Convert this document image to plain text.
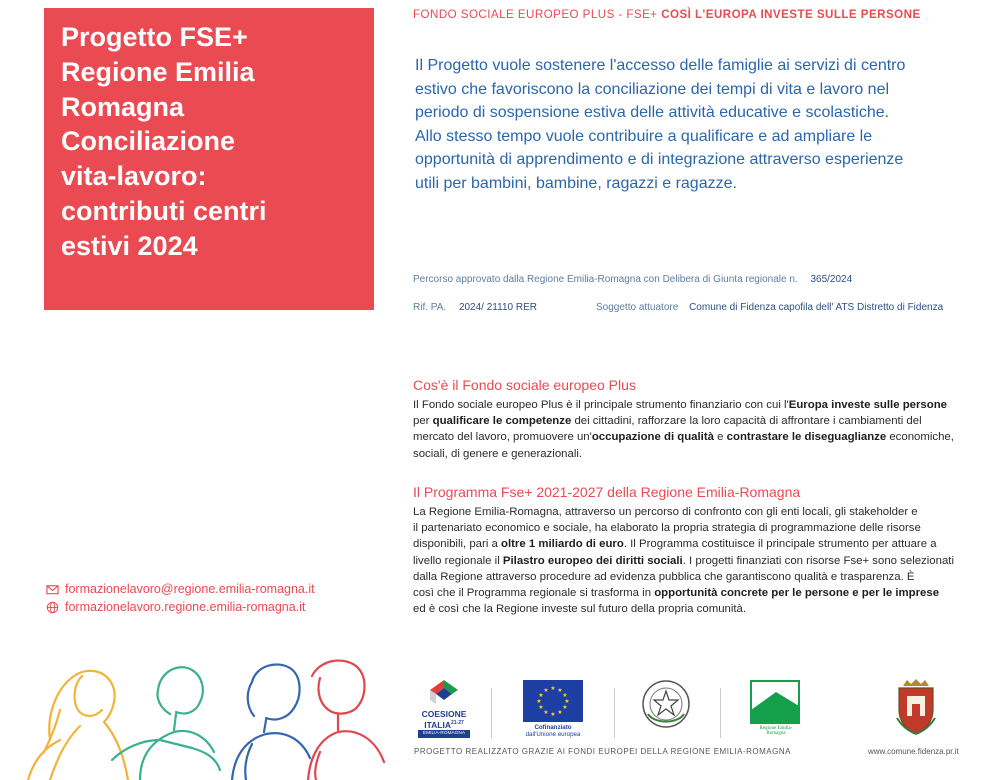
Progetto FSE+
Regione Emilia
Romagna
Conciliazione
vita-lavoro:
contributi centri
estivi 2024
FONDO SOCIALE EUROPEO PLUS - FSE+ COSÌ L'EUROPA INVESTE SULLE PERSONE
Il Progetto vuole sostenere l'accesso delle famiglie ai servizi di centro
estivo che favoriscono la conciliazione dei tempi di vita e lavoro nel
periodo di sospensione estiva delle attività educative e scolastiche.
Allo stesso tempo vuole contribuire a qualificare e ad ampliare le
opportunità di apprendimento e di integrazione attraverso esperienze
utili per bambini, bambine, ragazzi e ragazze.
Percorso approvato dalla Regione Emilia-Romagna con Delibera di Giunta regionale n. 365/2024
Rif. PA. 2024/ 21110 RER	Soggetto attuatore Comune di Fidenza capofila dell' ATS Distretto di Fidenza
Cos'è il Fondo sociale europeo Plus
Il Fondo sociale europeo Plus è il principale strumento finanziario con cui l'Europa investe sulle persone
per qualificare le competenze dei cittadini, rafforzare la loro capacità di affrontare i cambiamenti del
mercato del lavoro, promuovere un'occupazione di qualità e contrastare le diseguaglianze economiche,
sociali, di genere e generazionali.
Il Programma Fse+ 2021-2027 della Regione Emilia-Romagna
La Regione Emilia-Romagna, attraverso un percorso di confronto con gli enti locali, gli stakeholder e
il partenariato economico e sociale, ha elaborato la propria strategia di programmazione delle risorse
disponibili, pari a oltre 1 miliardo di euro. Il Programma costituisce il principale strumento per attuare a
livello regionale il Pilastro europeo dei diritti sociali. I progetti finanziati con risorse Fse+ sono selezionati
dalla Regione attraverso procedure ad evidenza pubblica che garantiscono qualità e trasparenza. È
così che il Programma regionale si trasforma in opportunità concrete per le persone e per le imprese
ed è così che la Regione investe sul futuro della propria comunità.
formazionelavoro@regione.emilia-romagna.it
formazionelavoro.regione.emilia-romagna.it
COESIONE
ITALIA$^{21-27}$
EMILIA-ROMAGNA
★ ★
★
★
★
★
★
★
★
★
★
★
Cofinanziato
dall'Unione europea
Regione Emilia-Romagna
PROGETTO REALIZZATO GRAZIE AI FONDI EUROPEI DELLA REGIONE EMILIA-ROMAGNA	www.comune.fidenza.pr.it
